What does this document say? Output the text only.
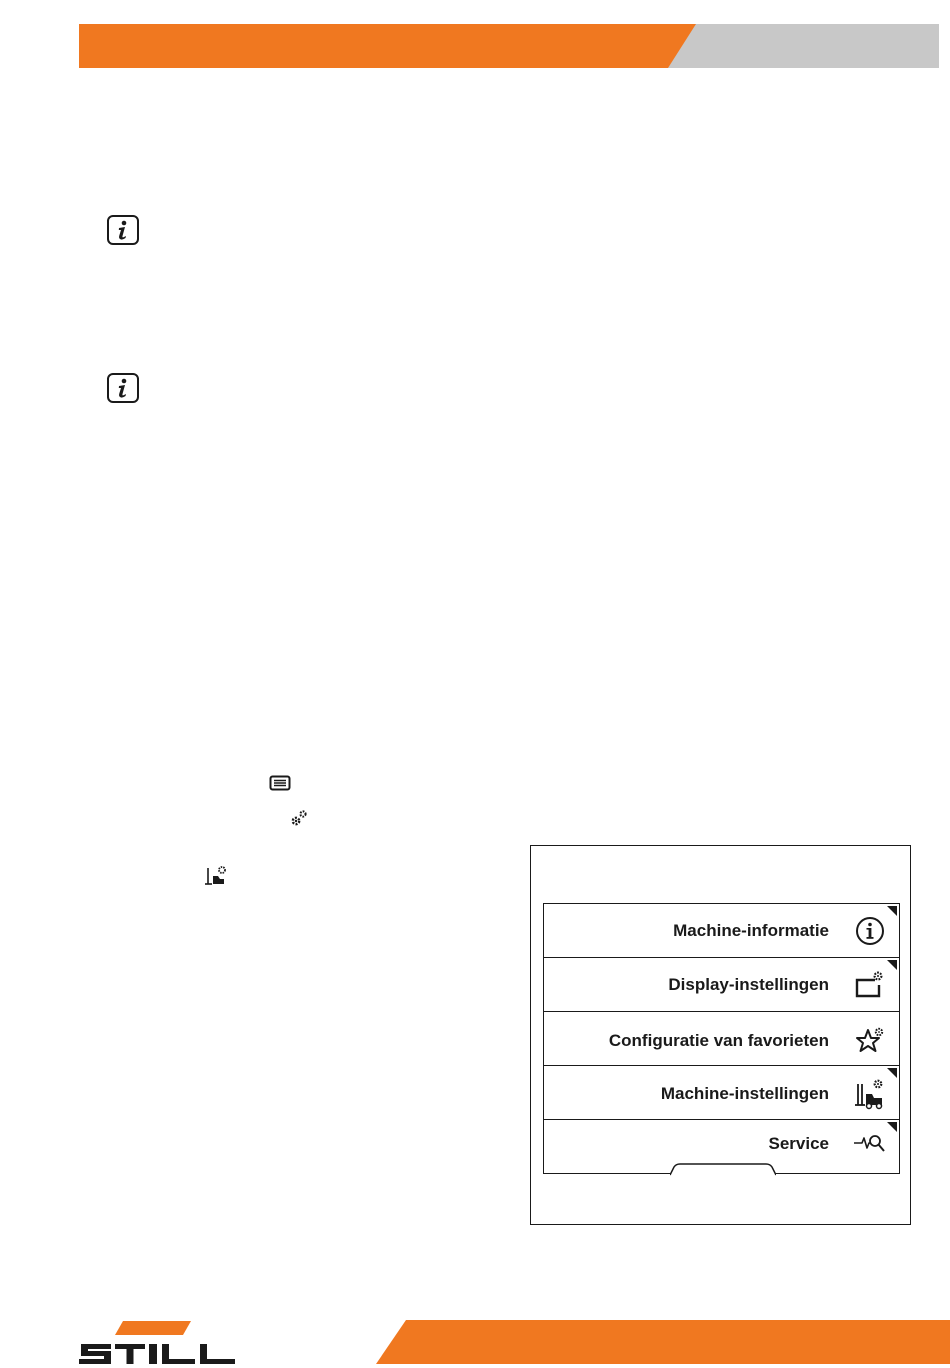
Machine-informatie
Display-instellingen
Configuratie van favorieten
Machine-instellingen
Service
